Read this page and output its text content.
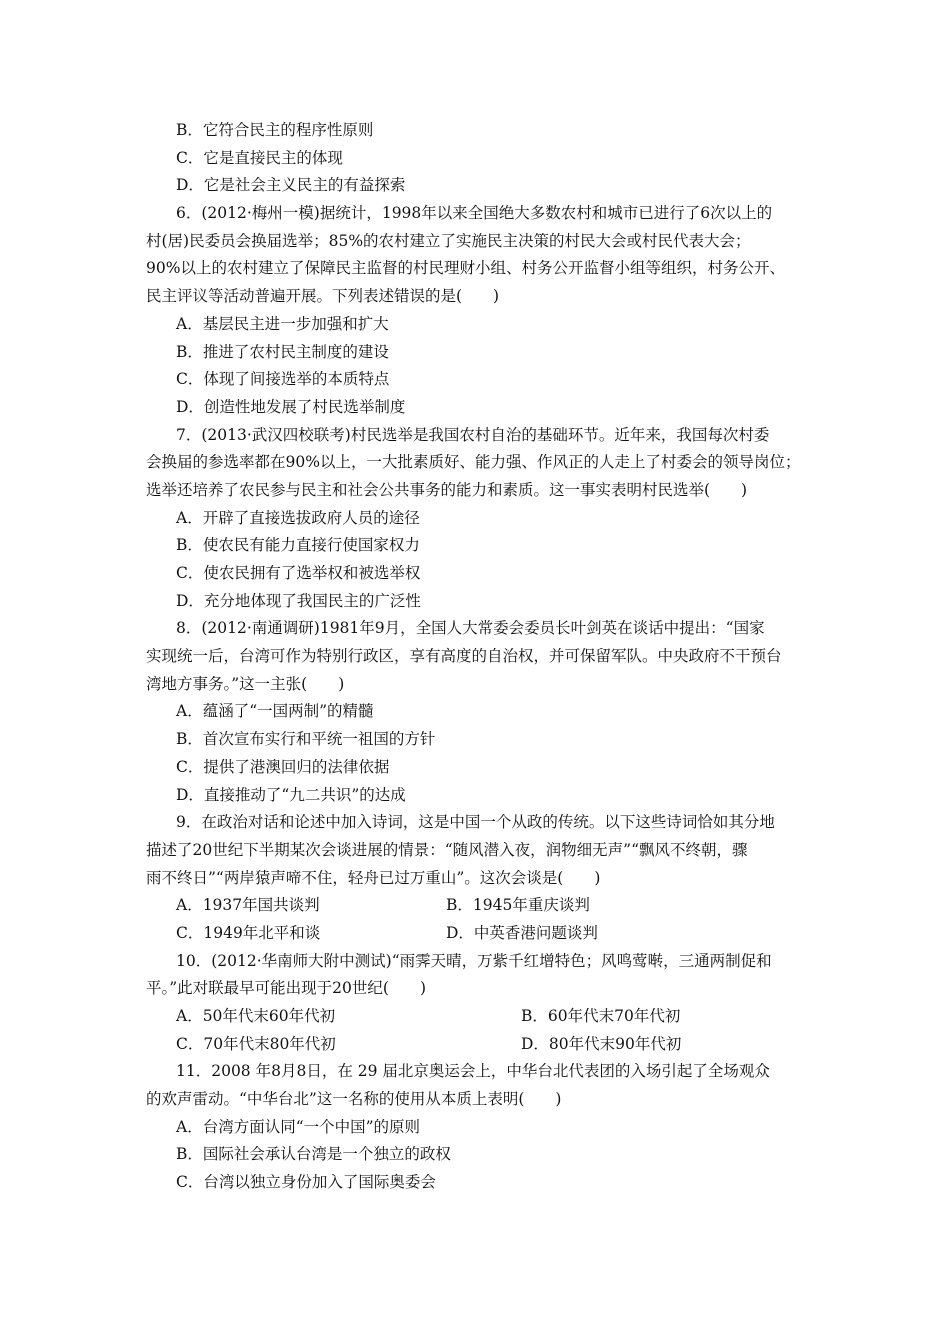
B．它符合民主的程序性原则
C．它是直接民主的体现
D．它是社会主义民主的有益探索
6．(2012·梅州一模)据统计，1998年以来全国绝大多数农村和城市已进行了6次以上的
村(居)民委员会换届选举；85%的农村建立了实施民主决策的村民大会或村民代表大会；
90%以上的农村建立了保障民主监督的村民理财小组、村务公开监督小组等组织，村务公开、
民主评议等活动普遍开展。下列表述错误的是(　　)
A．基层民主进一步加强和扩大
B．推进了农村民主制度的建设
C．体现了间接选举的本质特点
D．创造性地发展了村民选举制度
7．(2013·武汉四校联考)村民选举是我国农村自治的基础环节。近年来，我国每次村委
会换届的参选率都在90%以上，一大批素质好、能力强、作风正的人走上了村委会的领导岗位；
选举还培养了农民参与民主和社会公共事务的能力和素质。这一事实表明村民选举(　　)
A．开辟了直接选拔政府人员的途径
B．使农民有能力直接行使国家权力
C．使农民拥有了选举权和被选举权
D．充分地体现了我国民主的广泛性
8．(2012·南通调研)1981年9月，全国人大常委会委员长叶剑英在谈话中提出：“国家
实现统一后，台湾可作为特别行政区，享有高度的自治权，并可保留军队。中央政府不干预台
湾地方事务。”这一主张(　　)
A．蕴涵了“一国两制”的精髓
B．首次宣布实行和平统一祖国的方针
C．提供了港澳回归的法律依据
D．直接推动了“九二共识”的达成
9．在政治对话和论述中加入诗词，这是中国一个从政的传统。以下这些诗词恰如其分地
描述了20世纪下半期某次会谈进展的情景：“随风潜入夜，润物细无声”“飘风不终朝，骤
雨不终日”“两岸猿声啼不住，轻舟已过万重山”。这次会谈是(　　)
A．1937年国共谈判	B．1945年重庆谈判
C．1949年北平和谈	D．中英香港问题谈判
10．(2012·华南师大附中测试)“雨霁天晴，万紫千红增特色；风鸣莺啭，三通两制促和
平。”此对联最早可能出现于20世纪(　　)
A．50年代末60年代初	B．60年代末70年代初
C．70年代末80年代初	D．80年代末90年代初
11．2008 年8月8日，在 29 届北京奥运会上，中华台北代表团的入场引起了全场观众
的欢声雷动。“中华台北”这一名称的使用从本质上表明(　　)
A．台湾方面认同“一个中国”的原则
B．国际社会承认台湾是一个独立的政权
C．台湾以独立身份加入了国际奥委会
